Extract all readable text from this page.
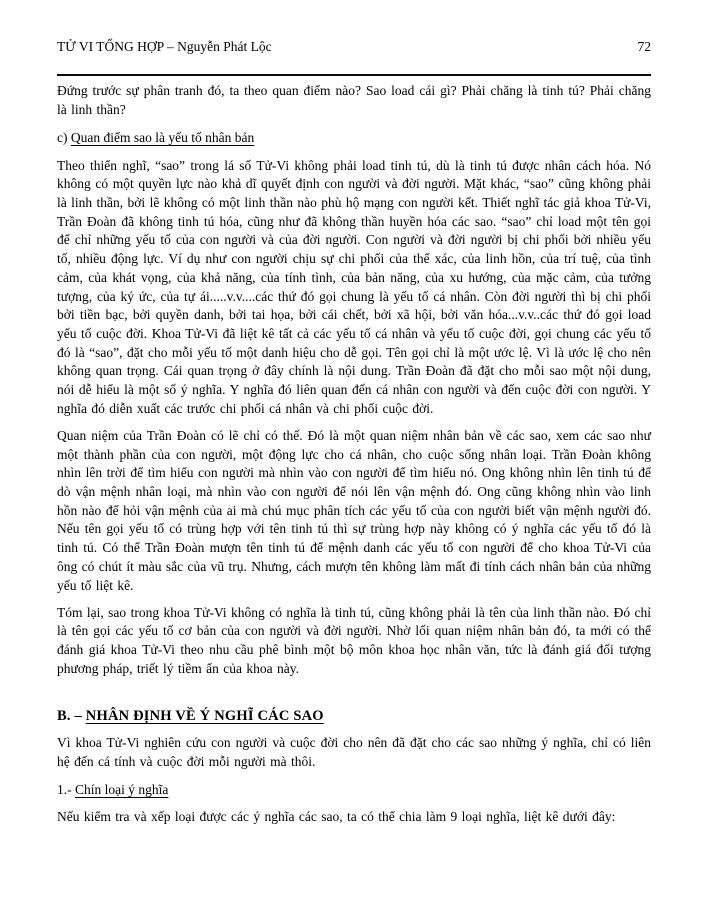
TỬ VI TỔNG HỢP – Nguyễn Phát Lộc	72

Đứng trước sự phân tranh đó, ta theo quan điểm nào? Sao load cái gì? Phải chăng là tinh tú? Phải chăng là linh thần?

c) Quan điểm sao là yếu tố nhân bản

Theo thiển nghĩ, “sao” trong lá số Tử-Vi không phải load tinh tú, dù là tinh tú được nhân cách hóa. Nó không có một quyền lực nào khả dĩ quyết định con người và đời người. Mặt khác, “sao” cũng không phải là linh thần, bởi lẽ không có một linh thần nào phù hộ mạng con người kết. Thiết nghĩ tác giả khoa Tử-Vi, Trần Đoàn đã không tinh tú hóa, cũng như đã không thần huyền hóa các sao. “sao” chỉ load một tên gọi để chỉ những yếu tố của con người và của đời người. Con người và đời người bị chi phối bởi nhiều yếu tố, nhiều động lực. Ví dụ như con người chịu sự chi phối của thể xác, của linh hồn, của trí tuệ, của tình cảm, của khát vọng, của khả năng, của tính tình, của bản năng, của xu hướng, của mặc cảm, của tưởng tượng, của ký ức, của tự ái.....v.v....các thứ đó gọi chung là yếu tố cá nhân. Còn đời người thì bị chi phối bởi tiền bạc, bởi quyền danh, bởi tai họa, bởi cái chết, bởi xã hội, bởi văn hóa...v.v..các thứ đó gọi load yếu tố cuộc đời. Khoa Tử-Vi đã liệt kê tất cả các yếu tố cá nhân và yếu tố cuộc đời, gọi chung các yếu tố đó là “sao”, đặt cho mỗi yếu tố một danh hiệu cho dễ gọi. Tên gọi chỉ là một ước lệ. Vì là ước lệ cho nên không quan trọng. Cái quan trọng ở đây chính là nội dung. Trần Đoàn đã đặt cho mỗi sao một nội dung, nói dễ hiểu là một số ý nghĩa. Y nghĩa đó liên quan đến cá nhân con người và đến cuộc đời con người. Y nghĩa đó diễn xuất các trước chi phối cá nhân và chi phối cuộc đời.

Quan niệm của Trần Đoàn có lẽ chỉ có thế. Đó là một quan niệm nhân bản về các sao, xem các sao như một thành phần của con người, một động lực cho cá nhân, cho cuộc sống nhân loại. Trần Đoàn không nhìn lên trời để tìm hiểu con người mà nhìn vào con người để tìm hiểu nó. Ong không nhìn lên tinh tú để dò vận mệnh nhân loại, mà nhìn vào con người để nói lên vận mệnh đó. Ong cũng không nhìn vào linh hồn nào để hỏi vận mệnh của ai mà chú mục phân tích các yếu tố của con người biết vận mệnh người đó. Nếu tên gọi yếu tố có trùng hợp với tên tinh tú thì sự trùng hợp này không có ý nghĩa các yếu tố đó là tinh tú. Có thể Trần Đoàn mượn tên tinh tú để mệnh danh các yếu tố con người để cho khoa Tử-Vi của ông có chút ít màu sắc của vũ trụ. Nhưng, cách mượn tên không làm mất đi tính cách nhân bản của những yếu tố liệt kê.

Tóm lại, sao trong khoa Tử-Vi không có nghĩa là tinh tú, cũng không phải là tên của linh thần nào. Đó chỉ là tên gọi các yếu tố cơ bản của con người và đời người. Nhờ lối quan niệm nhân bản đó, ta mới có thể đánh giá khoa Tử-Vi theo nhu cầu phê bình một bộ môn khoa học nhân văn, tức là đánh giá đối tượng phương pháp, triết lý tiềm ẩn của khoa này.

B. – NHÂN ĐỊNH VỀ Ý NGHĨ CÁC SAO

Vì khoa Tử-Vi nghiên cứu con người và cuộc đời cho nên đã đặt cho các sao những ý nghĩa, chỉ có liên hệ đến cá tính và cuộc đời mỗi người mà thôi.

1.- Chín loại ý nghĩa

Nếu kiểm tra và xếp loại được các ý nghĩa các sao, ta có thể chia làm 9 loại nghĩa, liệt kê dưới đây:
